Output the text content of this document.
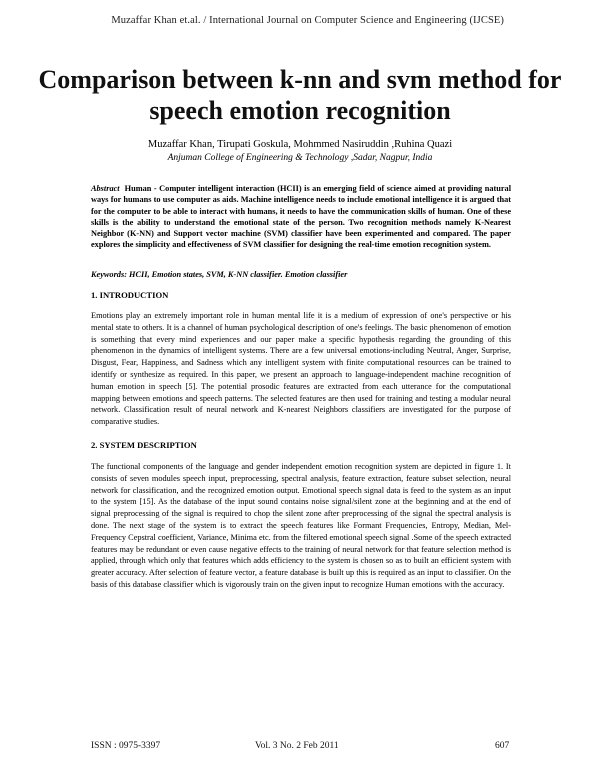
Muzaffar Khan et.al. / International Journal on Computer Science and Engineering (IJCSE)
Comparison between k-nn and svm method for speech emotion recognition
Muzaffar Khan, Tirupati Goskula, Mohmmed Nasiruddin ,Ruhina Quazi
Anjuman College of Engineering & Technology ,Sadar, Nagpur, India

Abstract Human - Computer intelligent interaction (HCII) is an emerging field of science aimed at providing natural ways for humans to use computer as aids. Machine intelligence needs to include emotional intelligence it is argued that for the computer to be able to interact with humans, it needs to have the communication skills of human. One of these skills is the ability to understand the emotional state of the person. Two recognition methods namely K-Nearest Neighbor (K-NN) and Support vector machine (SVM) classifier have been experimented and compared. The paper explores the simplicity and effectiveness of SVM classifier for designing the real-time emotion recognition system.

Keywords: HCII, Emotion states, SVM, K-NN classifier. Emotion classifier

1. INTRODUCTION

Emotions play an extremely important role in human mental life it is a medium of expression of one's perspective or his mental state to others. It is a channel of human psychological description of one's feelings. The basic phenomenon of emotion is something that every mind experiences and our paper make a specific hypothesis regarding the grounding of this phenomenon in the dynamics of intelligent systems. There are a few universal emotions-including Neutral, Anger, Surprise, Disgust, Fear, Happiness, and Sadness which any intelligent system with finite computational resources can be trained to identify or synthesize as required. In this paper, we present an approach to language-independent machine recognition of human emotion in speech [5]. The potential prosodic features are extracted from each utterance for the computational mapping between emotions and speech patterns. The selected features are then used for training and testing a modular neural network. Classification result of neural network and K-nearest Neighbors classifiers are investigated for the purpose of comparative studies.

2. SYSTEM DESCRIPTION

The functional components of the language and gender independent emotion recognition system are depicted in figure 1. It consists of seven modules speech input, preprocessing, spectral analysis, feature extraction, feature subset selection, neural network for classification, and the recognized emotion output. Emotional speech signal data is feed to the system as an input to the system [15]. As the database of the input sound contains noise signal/silent zone at the beginning and at the end of signal preprocessing of the signal is required to chop the silent zone after preprocessing of the signal the spectral analysis is done. The next stage of the system is to extract the speech features like Formant Frequencies, Entropy, Median, Mel-Frequency Cepstral coefficient, Variance, Minima etc. from the filtered emotional speech signal .Some of the speech extracted features may be redundant or even cause negative effects to the training of neural network for that feature selection method is applied, through which only that features which adds efficiency to the system is chosen so as to built an efficient system with greater accuracy. After selection of feature vector, a feature database is built up this is required as an input to classifier. On the basis of this database classifier which is vigorously train on the given input to recognize Human emotions with the accuracy.

ISSN : 0975-3397	Vol. 3 No. 2 Feb 2011	607
